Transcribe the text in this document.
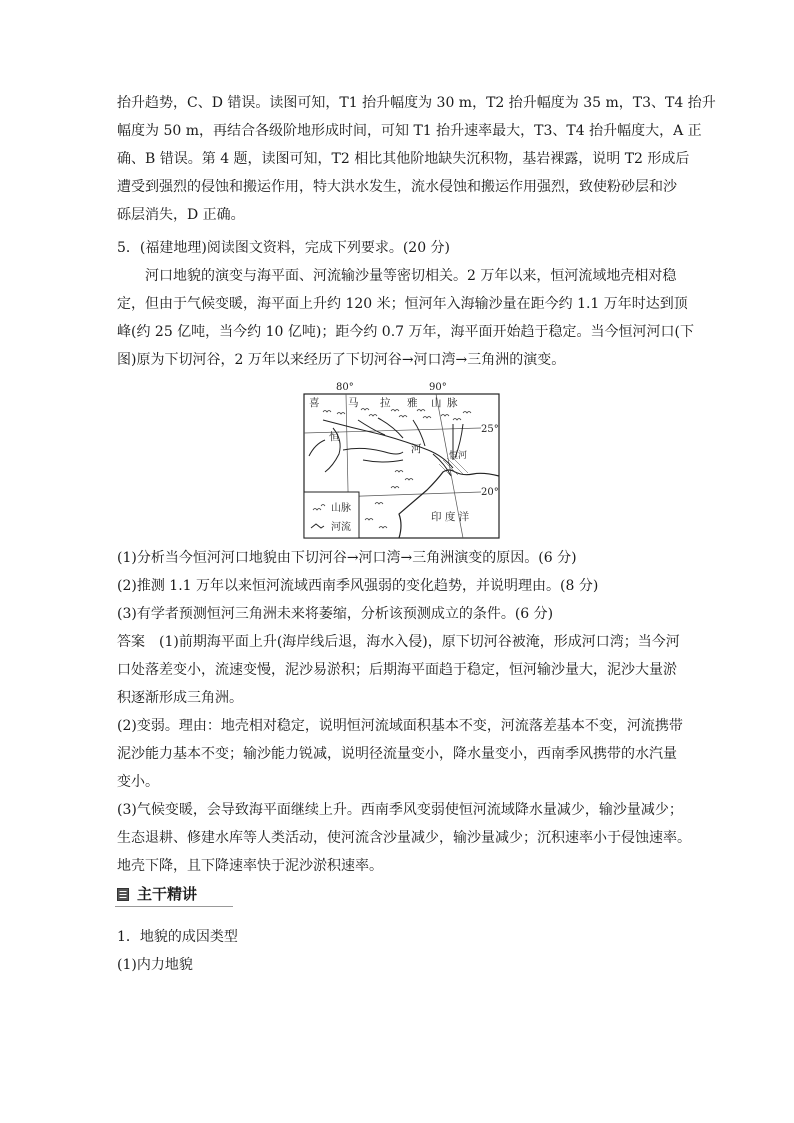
抬升趋势，C、D 错误。读图可知，T1 抬升幅度为 30 m，T2 抬升幅度为 35 m，T3、T4 抬升
幅度为 50 m，再结合各级阶地形成时间，可知 T1 抬升速率最大，T3、T4 抬升幅度大，A 正
确、B 错误。第 4 题，读图可知，T2 相比其他阶地缺失沉积物，基岩裸露，说明 T2 形成后
遭受到强烈的侵蚀和搬运作用，特大洪水发生，流水侵蚀和搬运作用强烈，致使粉砂层和沙
砾层消失，D 正确。
5．(福建地理)阅读图文资料，完成下列要求。(20 分)
河口地貌的演变与海平面、河流输沙量等密切相关。2 万年以来，恒河流域地壳相对稳
定，但由于气候变暖，海平面上升约 120 米；恒河年入海输沙量在距今约 1.1 万年时达到顶
峰(约 25 亿吨，当今约 10 亿吨)；距今约 0.7 万年，海平面开始趋于稳定。当今恒河河口(下
图)原为下切河谷，2 万年以来经历了下切河谷→河口湾→三角洲的演变。
80°	90°
25°
20°
喜	马 拉 雅 山 脉
恒
河
恒河
印 度 洋
山脉
河流
(1)分析当今恒河河口地貌由下切河谷→河口湾→三角洲演变的原因。(6 分)
(2)推测 1.1 万年以来恒河流域西南季风强弱的变化趋势，并说明理由。(8 分)
(3)有学者预测恒河三角洲未来将萎缩，分析该预测成立的条件。(6 分)
答案　(1)前期海平面上升(海岸线后退，海水入侵)，原下切河谷被淹，形成河口湾；当今河
口处落差变小，流速变慢，泥沙易淤积；后期海平面趋于稳定，恒河输沙量大，泥沙大量淤
积逐渐形成三角洲。
(2)变弱。理由：地壳相对稳定，说明恒河流域面积基本不变，河流落差基本不变，河流携带
泥沙能力基本不变；输沙能力锐减，说明径流量变小，降水量变小，西南季风携带的水汽量
变小。
(3)气候变暖，会导致海平面继续上升。西南季风变弱使恒河流域降水量减少，输沙量减少；
生态退耕、修建水库等人类活动，使河流含沙量减少，输沙量减少；沉积速率小于侵蚀速率。
地壳下降，且下降速率快于泥沙淤积速率。
主干精讲
1．地貌的成因类型
(1)内力地貌
